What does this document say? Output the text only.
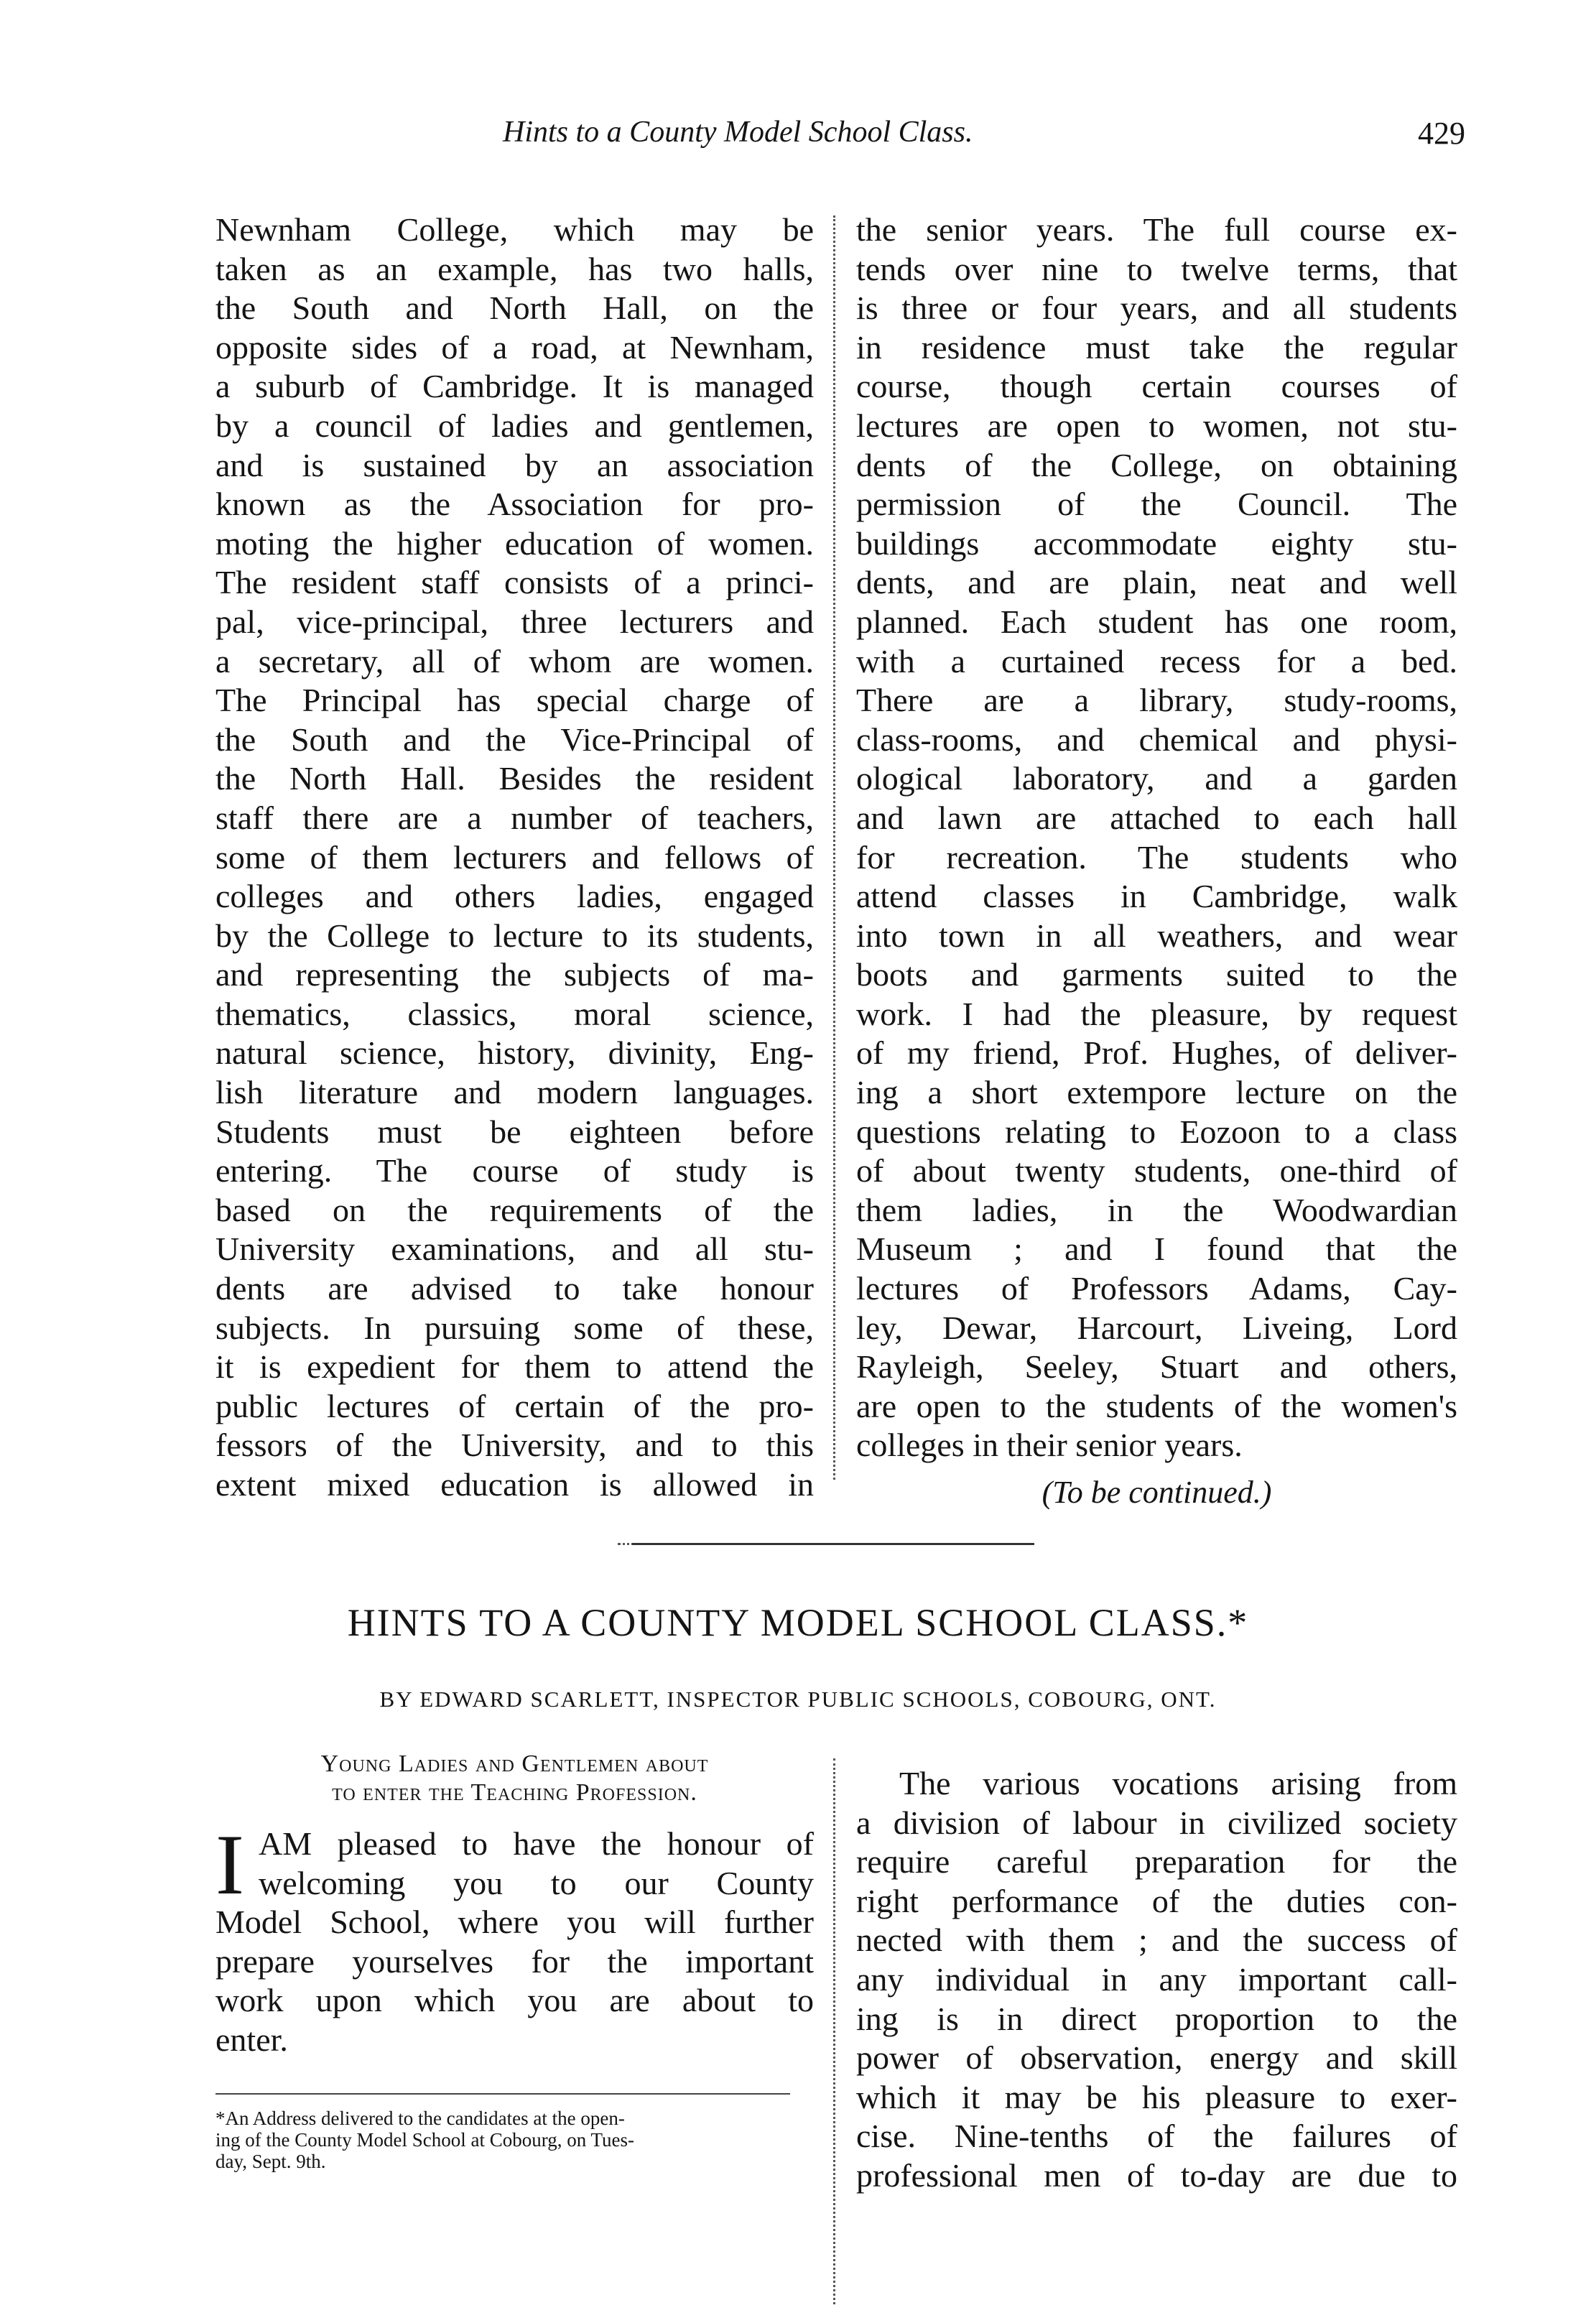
Hints to a County Model School Class.	429

Newnham College, which may be
taken as an example, has two halls,
the South and North Hall, on the
opposite sides of a road, at Newnham,
a suburb of Cambridge. It is managed
by a council of ladies and gentlemen,
and is sustained by an association
known as the Association for pro-
moting the higher education of women.
The resident staff consists of a princi-
pal, vice-principal, three lecturers and
a secretary, all of whom are women.
The Principal has special charge of
the South and the Vice-Principal of
the North Hall. Besides the resident
staff there are a number of teachers,
some of them lecturers and fellows of
colleges and others ladies, engaged
by the College to lecture to its students,
and representing the subjects of ma-
thematics, classics, moral science,
natural science, history, divinity, Eng-
lish literature and modern languages.
Students must be eighteen before
entering. The course of study is
based on the requirements of the
University examinations, and all stu-
dents are advised to take honour
subjects. In pursuing some of these,
it is expedient for them to attend the
public lectures of certain of the pro-
fessors of the University, and to this
extent mixed education is allowed in

the senior years. The full course ex-
tends over nine to twelve terms, that
is three or four years, and all students
in residence must take the regular
course, though certain courses of
lectures are open to women, not stu-
dents of the College, on obtaining
permission of the Council. The
buildings accommodate eighty stu-
dents, and are plain, neat and well
planned. Each student has one room,
with a curtained recess for a bed.
There are a library, study-rooms,
class-rooms, and chemical and physi-
ological laboratory, and a garden
and lawn are attached to each hall
for recreation. The students who
attend classes in Cambridge, walk
into town in all weathers, and wear
boots and garments suited to the
work. I had the pleasure, by request
of my friend, Prof. Hughes, of deliver-
ing a short extempore lecture on the
questions relating to Eozoon to a class
of about twenty students, one-third of
them ladies, in the Woodwardian
Museum ; and I found that the
lectures of Professors Adams, Cay-
ley, Dewar, Harcourt, Liveing, Lord
Rayleigh, Seeley, Stuart and others,
are open to the students of the women's
colleges in their senior years.

(To be continued.)
HINTS TO A COUNTY MODEL SCHOOL CLASS.*
BY EDWARD SCARLETT, INSPECTOR PUBLIC SCHOOLS, COBOURG, ONT.
Young Ladies and Gentlemen about
to enter the Teaching Profession.

I AM pleased to have the honour of
welcoming you to our County
Model School, where you will further
prepare yourselves for the important
work upon which you are about to
enter.

*An Address delivered to the candidates at the open-
ing of the County Model School at Cobourg, on Tues-
day, Sept. 9th.

The various vocations arising from
a division of labour in civilized society
require careful preparation for the
right performance of the duties con-
nected with them ; and the success of
any individual in any important call-
ing is in direct proportion to the
power of observation, energy and skill
which it may be his pleasure to exer-
cise. Nine-tenths of the failures of
professional men of to-day are due to
